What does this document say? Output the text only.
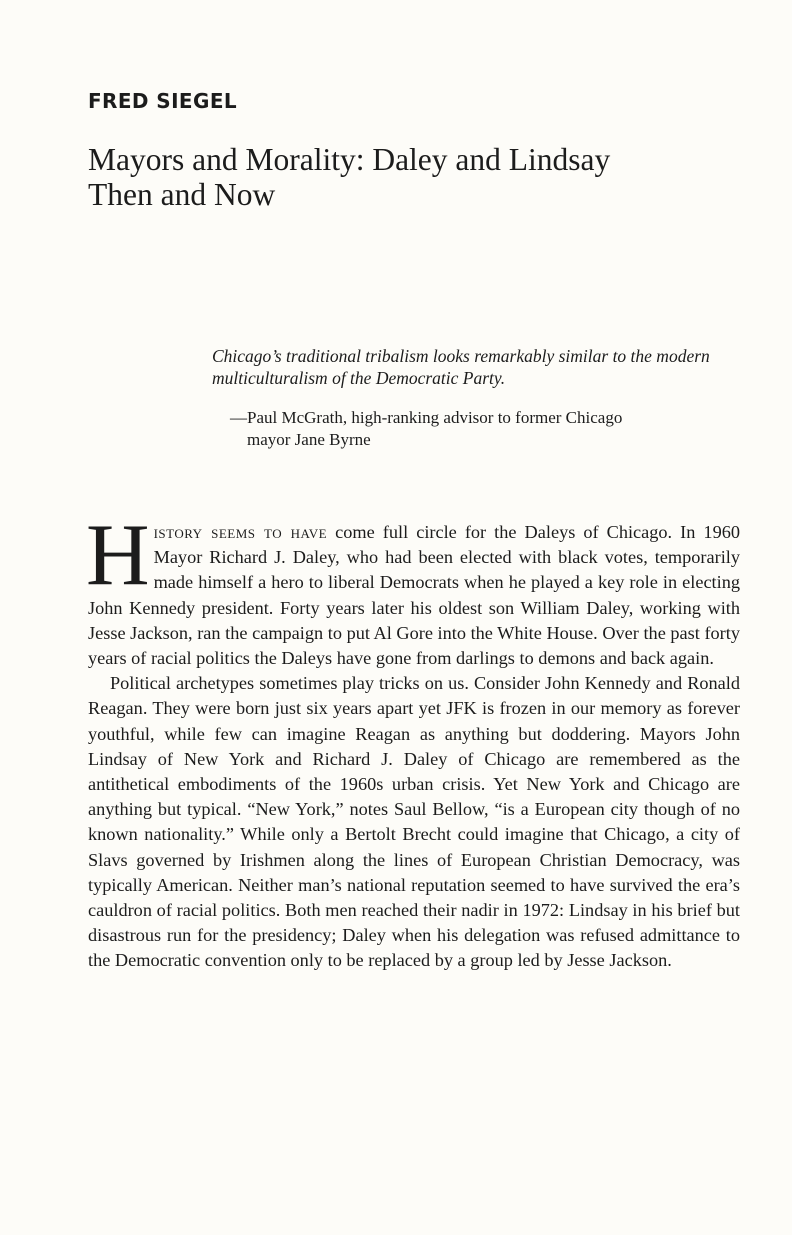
FRED SIEGEL
Mayors and Morality: Daley and Lindsay
Then and Now

Chicago’s traditional tribalism looks remarkably similar to the modern multiculturalism of the Democratic Party.

—Paul McGrath, high-ranking advisor to former Chicago mayor Jane Byrne

History seems to have come full circle for the Daleys of Chicago. In 1960 Mayor Richard J. Daley, who had been elected with black votes, temporarily made himself a hero to liberal Democrats when he played a key role in electing John Kennedy president. Forty years later his oldest son William Daley, working with Jesse Jackson, ran the campaign to put Al Gore into the White House. Over the past forty years of racial politics the Daleys have gone from darlings to demons and back again.

Political archetypes sometimes play tricks on us. Consider John Kennedy and Ronald Reagan. They were born just six years apart yet JFK is frozen in our memory as forever youthful, while few can imagine Reagan as anything but doddering. Mayors John Lindsay of New York and Richard J. Daley of Chicago are remembered as the antithetical embodiments of the 1960s urban crisis. Yet New York and Chicago are anything but typical. “New York,” notes Saul Bellow, “is a European city though of no known nationality.” While only a Bertolt Brecht could imagine that Chicago, a city of Slavs governed by Irishmen along the lines of European Christian Democracy, was typically American. Neither man’s national reputation seemed to have survived the era’s cauldron of racial politics. Both men reached their nadir in 1972: Lindsay in his brief but disastrous run for the presidency; Daley when his delegation was refused admittance to the Democratic convention only to be replaced by a group led by Jesse Jackson.
